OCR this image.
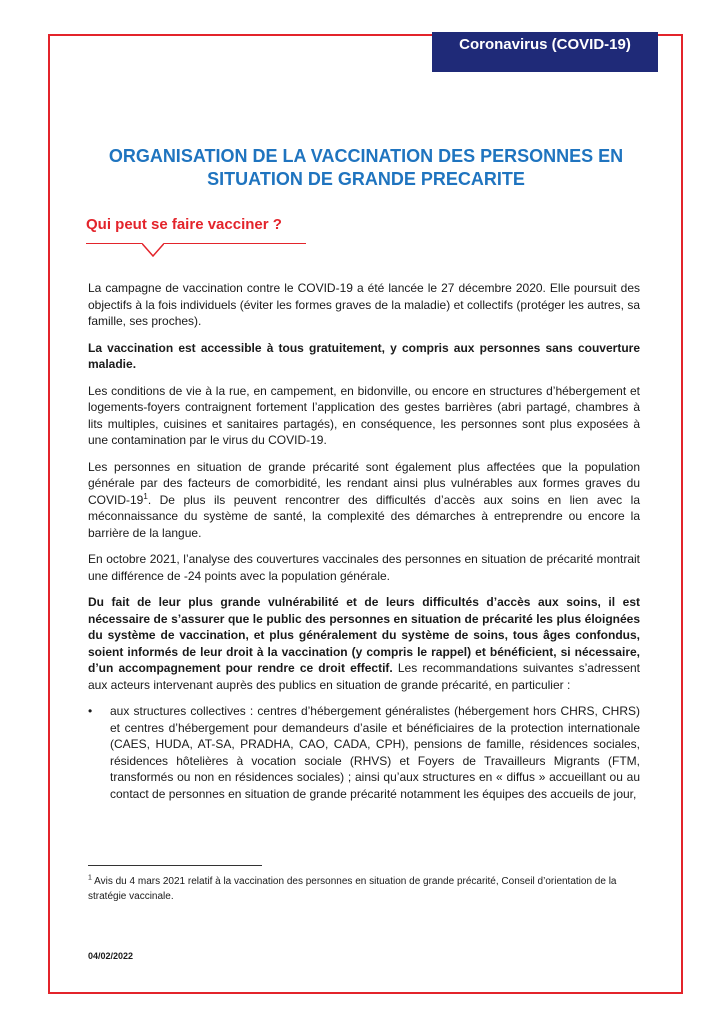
Coronavirus (COVID-19)
ORGANISATION DE LA VACCINATION DES PERSONNES EN
SITUATION DE GRANDE PRECARITE
Qui peut se faire vacciner ?

La campagne de vaccination contre le COVID-19 a été lancée le 27 décembre 2020. Elle poursuit des objectifs à la fois individuels (éviter les formes graves de la maladie) et collectifs (protéger les autres, sa famille, ses proches).

La vaccination est accessible à tous gratuitement, y compris aux personnes sans couverture maladie.

Les conditions de vie à la rue, en campement, en bidonville, ou encore en structures d’hébergement et logements-foyers contraignent fortement l’application des gestes barrières (abri partagé, chambres à lits multiples, cuisines et sanitaires partagés), en conséquence, les personnes sont plus exposées à une contamination par le virus du COVID-19.

Les personnes en situation de grande précarité sont également plus affectées que la population générale par des facteurs de comorbidité, les rendant ainsi plus vulnérables aux formes graves du COVID-$19^1$. De plus ils peuvent rencontrer des difficultés d’accès aux soins en lien avec la méconnaissance du système de santé, la complexité des démarches à entreprendre ou encore la barrière de la langue.

En octobre 2021, l’analyse des couvertures vaccinales des personnes en situation de précarité montrait une différence de -24 points avec la population générale.

Du fait de leur plus grande vulnérabilité et de leurs difficultés d’accès aux soins, il est nécessaire de s’assurer que le public des personnes en situation de précarité les plus éloignées du système de vaccination, et plus généralement du système de soins, tous âges confondus, soient informés de leur droit à la vaccination (y compris le rappel) et bénéficient, si nécessaire, d’un accompagnement pour rendre ce droit effectif. Les recommandations suivantes s’adressent aux acteurs intervenant auprès des publics en situation de grande précarité, en particulier :

•	aux structures collectives : centres d’hébergement généralistes (hébergement hors CHRS, CHRS) et centres d’hébergement pour demandeurs d’asile et bénéficiaires de la protection internationale (CAES, HUDA, AT-SA, PRADHA, CAO, CADA, CPH), pensions de famille, résidences sociales, résidences hôtelières à vocation sociale (RHVS) et Foyers de Travailleurs Migrants (FTM, transformés ou non en résidences sociales) ; ainsi qu’aux structures en « diffus » accueillant ou au contact de personnes en situation de grande précarité notamment les équipes des accueils de jour,
$^1$ Avis du 4 mars 2021 relatif à la vaccination des personnes en situation de grande précarité, Conseil d’orientation de la stratégie vaccinale.
04/02/2022
